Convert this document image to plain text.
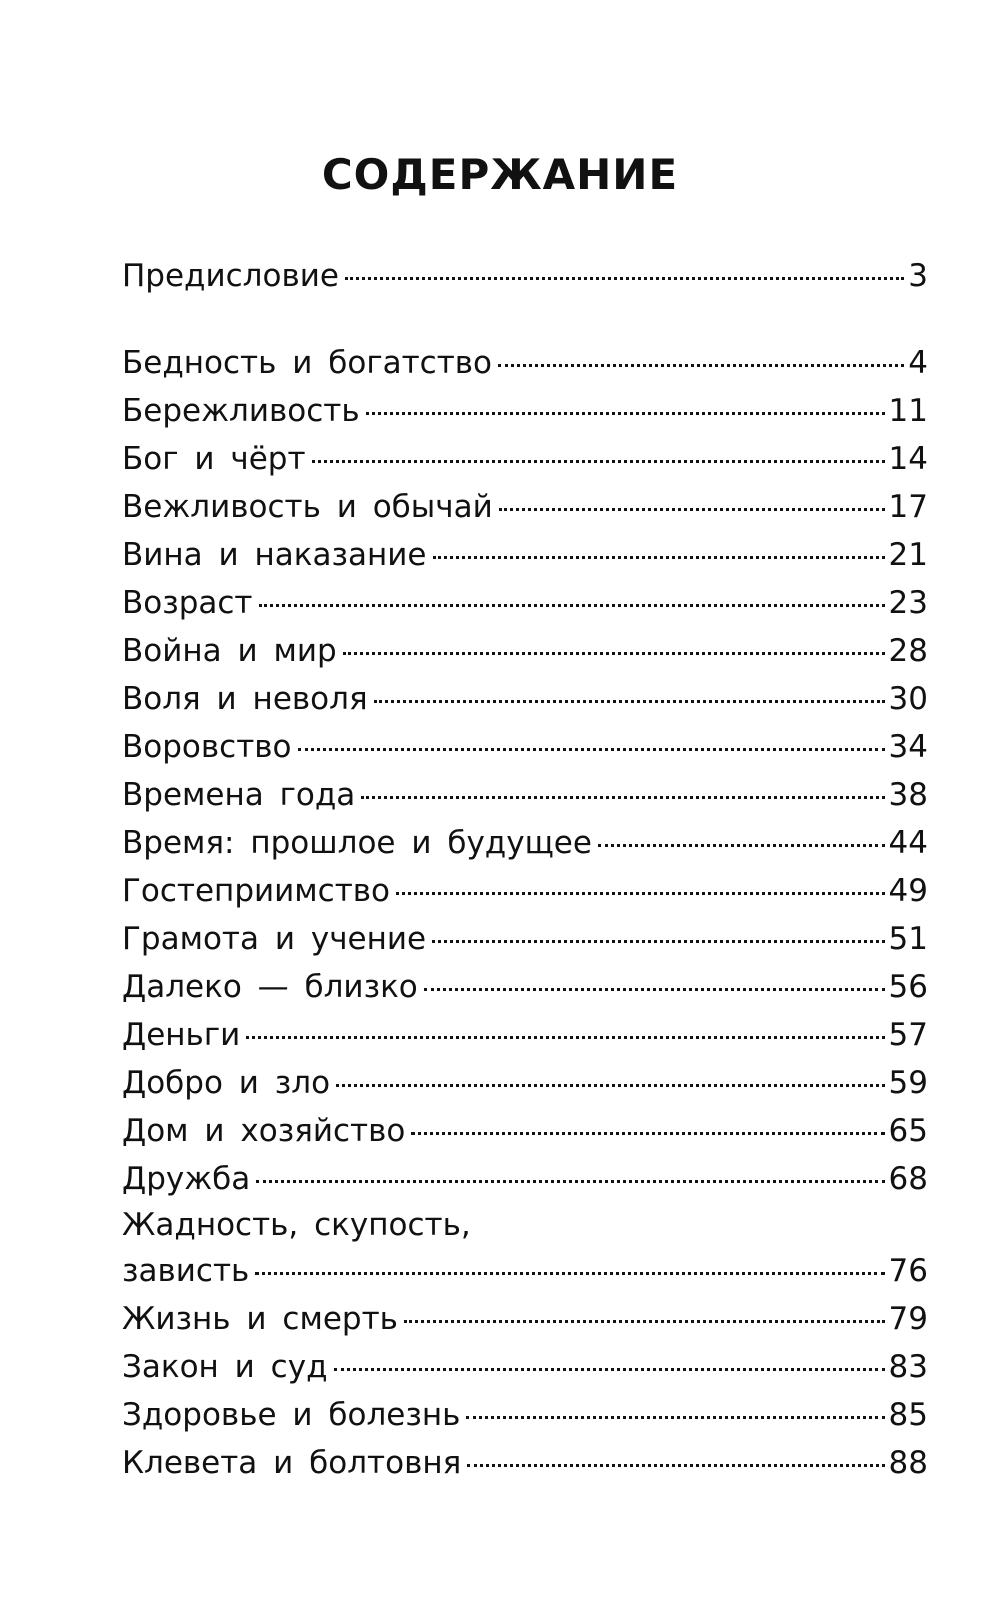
СОДЕРЖАНИЕ
Предисловие	3
Бедность и богатство	4
Бережливость	11
Бог и чёрт	14
Вежливость и обычай	17
Вина и наказание	21
Возраст	23
Война и мир	28
Воля и неволя	30
Воровство	34
Времена года	38
Время: прошлое и будущее	44
Гостеприимство	49
Грамота и учение	51
Далеко — близко	56
Деньги	57
Добро и зло	59
Дом и хозяйство	65
Дружба	68
Жадность, скупость,
зависть	76
Жизнь и смерть	79
Закон и суд	83
Здоровье и болезнь	85
Клевета и болтовня	88
